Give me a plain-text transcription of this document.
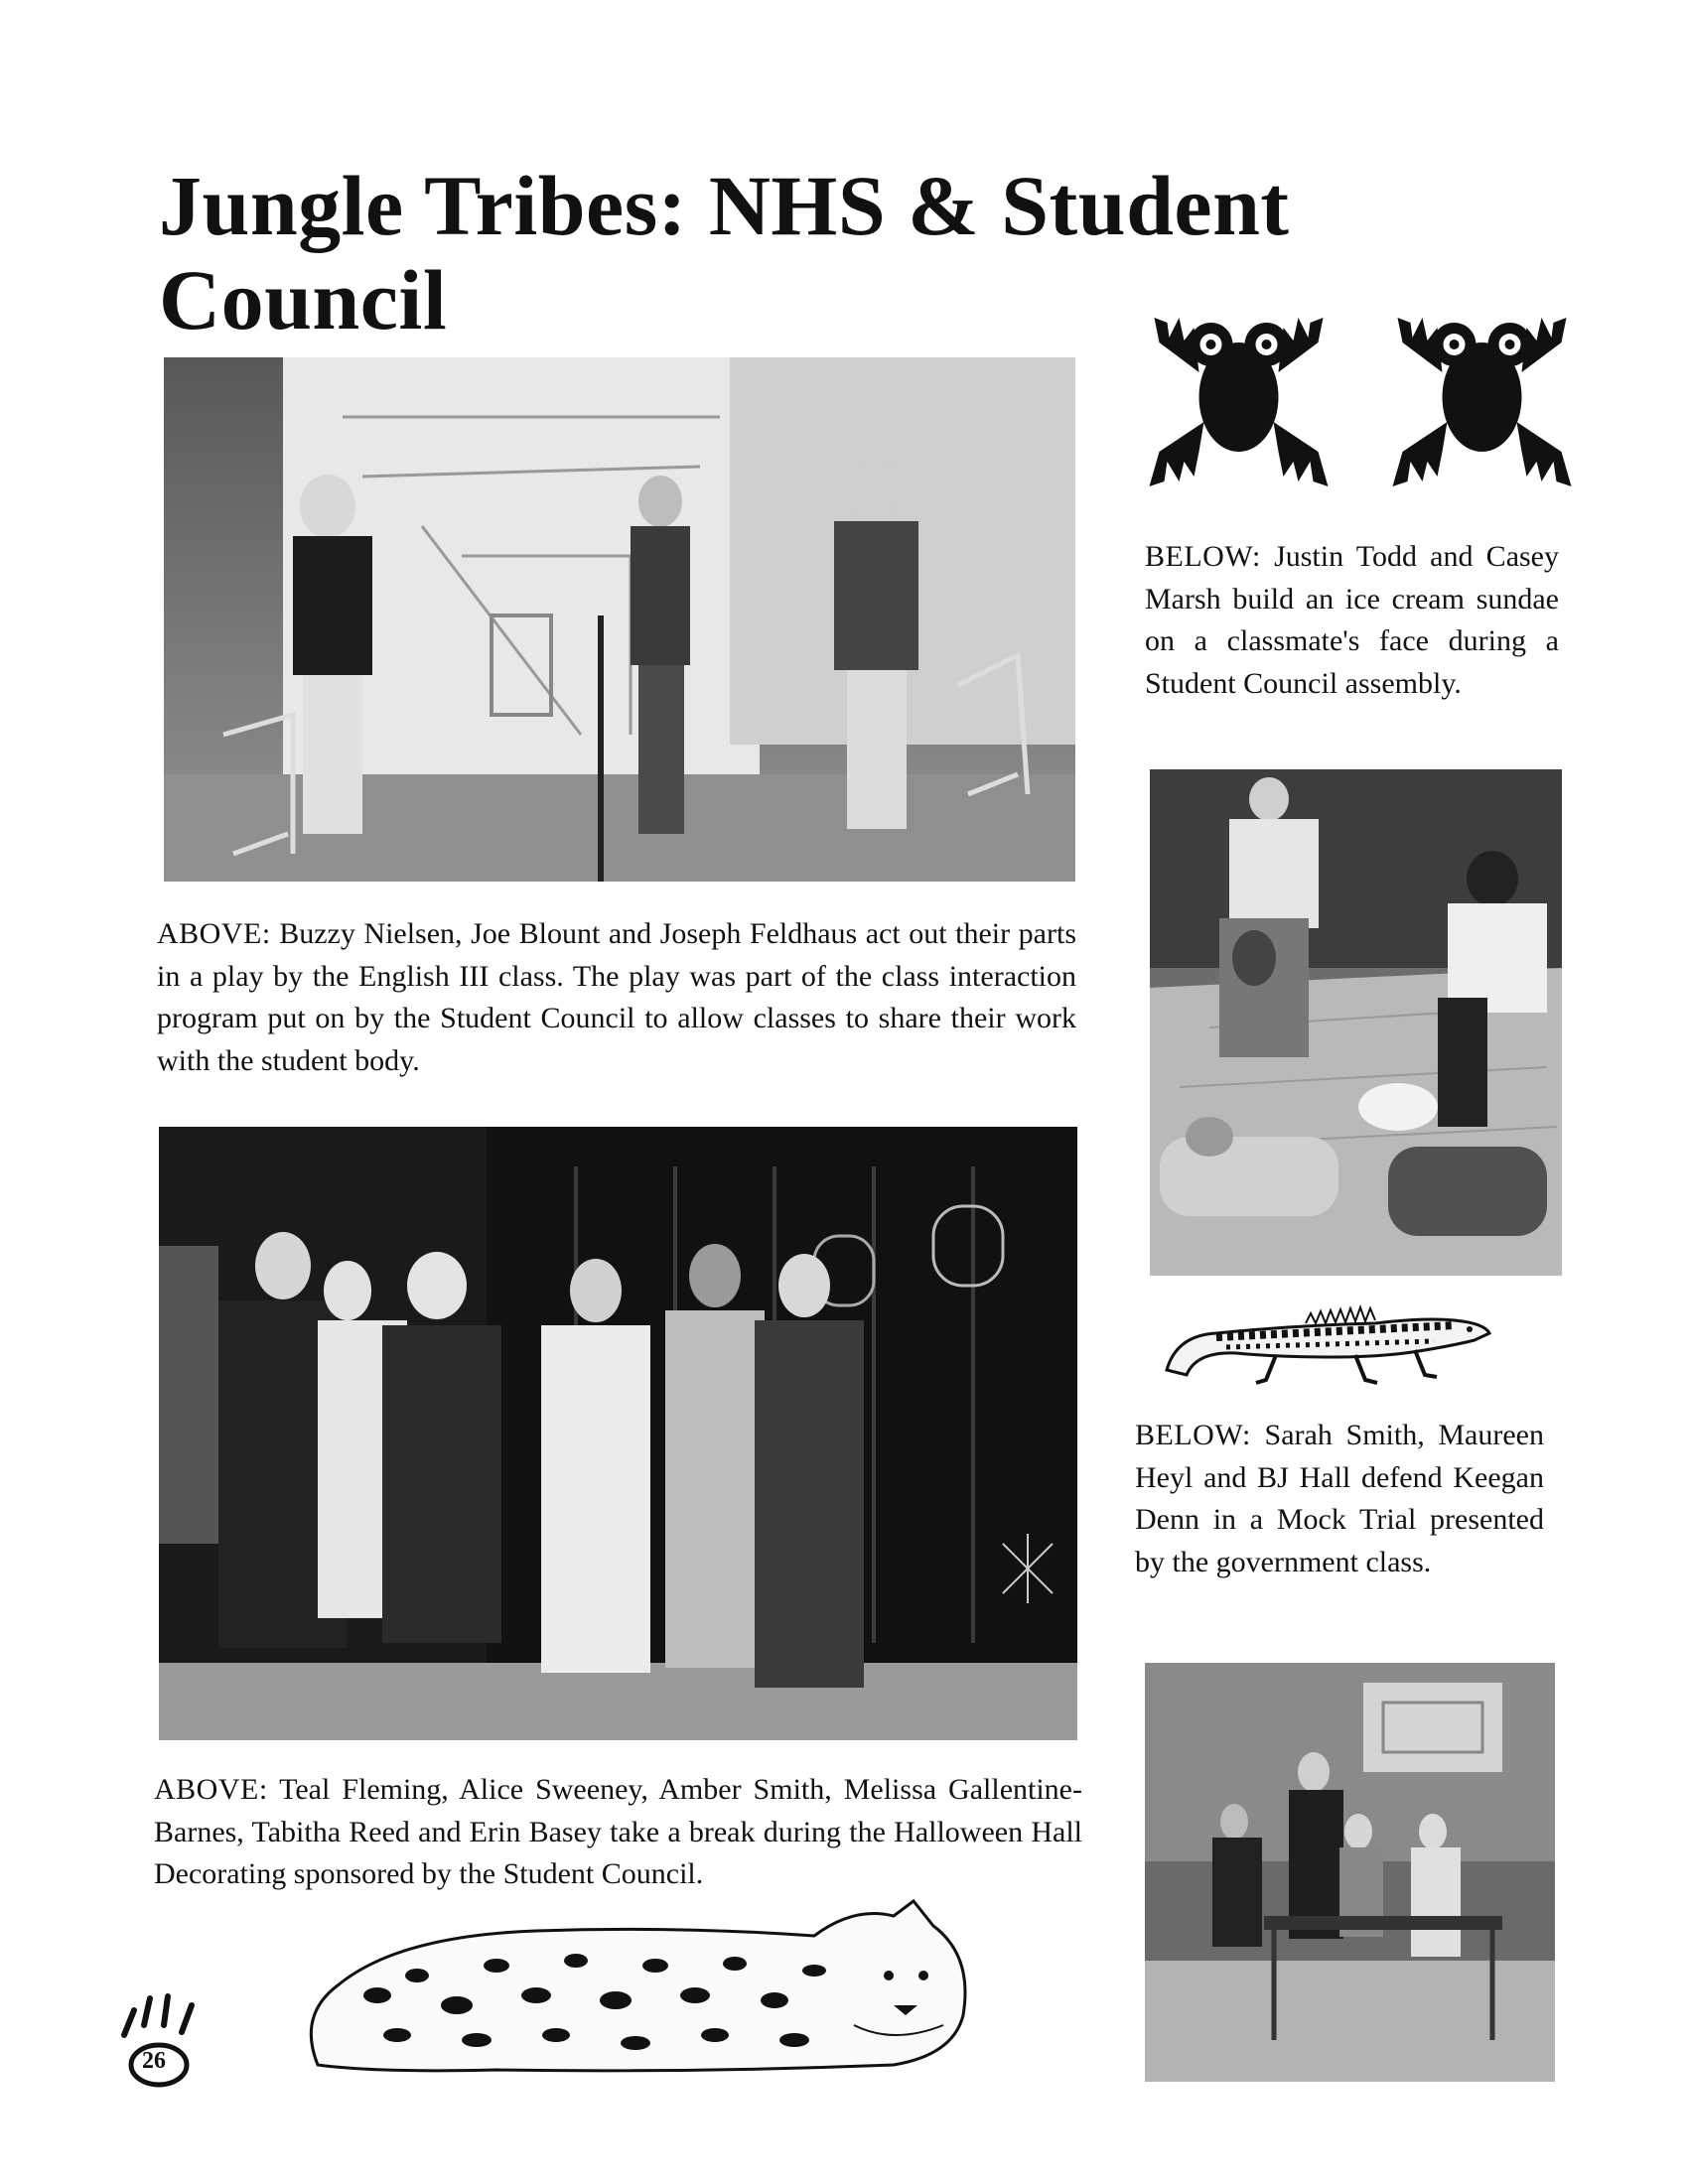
Jungle Tribes: NHS & Student Council

ABOVE: Buzzy Nielsen, Joe Blount and Joseph Feldhaus act out their parts in a play by the English III class. The play was part of the class interaction program put on by the Student Council to allow classes to share their work with the student body.

ABOVE: Teal Fleming, Alice Sweeney, Amber Smith, Melissa Gallentine-Barnes, Tabitha Reed and Erin Basey take a break during the Halloween Hall Decorating sponsored by the Student Council.

BELOW: Justin Todd and Casey Marsh build an ice cream sundae on a classmate's face during a Student Council assembly.

BELOW: Sarah Smith, Maureen Heyl and BJ Hall defend Keegan Denn in a Mock Trial presented by the government class.

26
